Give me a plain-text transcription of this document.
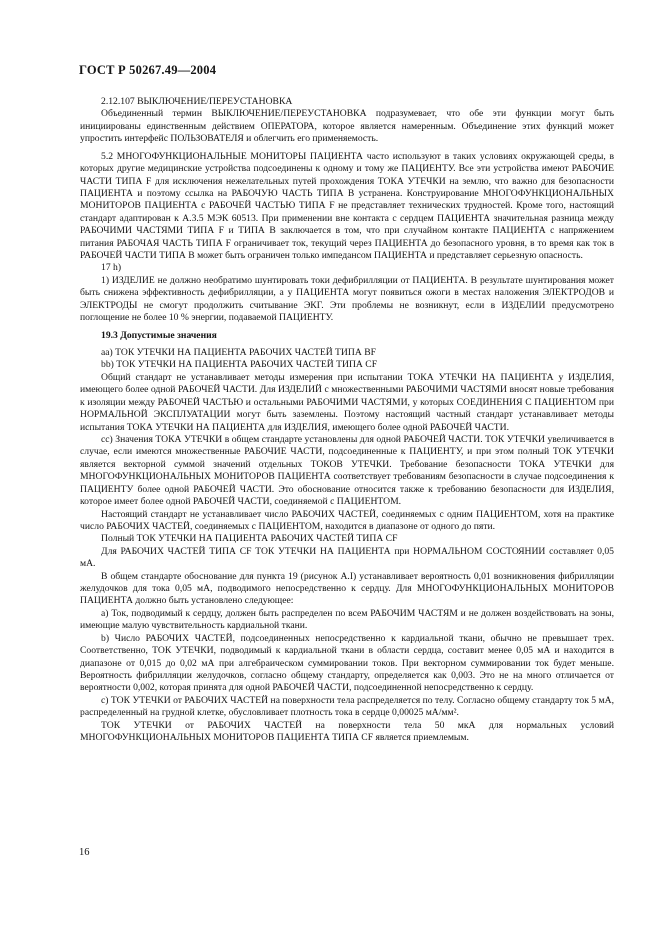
ГОСТ Р 50267.49—2004

2.12.107 ВЫКЛЮЧЕНИЕ/ПЕРЕУСТАНОВКА

Объединенный термин ВЫКЛЮЧЕНИЕ/ПЕРЕУСТАНОВКА подразумевает, что обе эти функции могут быть инициированы единственным действием ОПЕРАТОРА, которое является намеренным. Объединение этих функций может упростить интерфейс ПОЛЬЗОВАТЕЛЯ и облегчить его применяемость.

5.2 МНОГОФУНКЦИОНАЛЬНЫЕ МОНИТОРЫ ПАЦИЕНТА часто используют в таких условиях окружающей среды, в которых другие медицинские устройства подсоединены к одному и тому же ПАЦИЕНТУ. Все эти устройства имеют РАБОЧИЕ ЧАСТИ ТИПА F для исключения нежелательных путей прохождения ТОКА УТЕЧКИ на землю, что важно для безопасности ПАЦИЕНТА и поэтому ссылка на РАБОЧУЮ ЧАСТЬ ТИПА В устранена. Конструирование МНОГОФУНКЦИОНАЛЬНЫХ МОНИТОРОВ ПАЦИЕНТА с РАБОЧЕЙ ЧАСТЬЮ ТИПА F не представляет технических трудностей. Кроме того, настоящий стандарт адаптирован к А.3.5 МЭК 60513. При применении вне контакта с сердцем ПАЦИЕНТА значительная разница между РАБОЧИМИ ЧАСТЯМИ ТИПА F и ТИПА В заключается в том, что при случайном контакте ПАЦИЕНТА с напряжением питания РАБОЧАЯ ЧАСТЬ ТИПА F ограничивает ток, текущий через ПАЦИЕНТА до безопасного уровня, в то время как ток в РАБОЧЕЙ ЧАСТИ ТИПА В может быть ограничен только импедансом ПАЦИЕНТА и представляет серьезную опасность.

17 h)

1) ИЗДЕЛИЕ не должно необратимо шунтировать токи дефибрилляции от ПАЦИЕНТА. В результате шунтирования может быть снижена эффективность дефибрилляции, а у ПАЦИЕНТА могут появиться ожоги в местах наложения ЭЛЕКТРОДОВ и ЭЛЕКТРОДЫ не смогут продолжить считывание ЭКГ. Эти проблемы не возникнут, если в ИЗДЕЛИИ предусмотрено поглощение не более 10 % энергии, подаваемой ПАЦИЕНТУ.

19.3 Допустимые значения

аа) ТОК УТЕЧКИ НА ПАЦИЕНТА РАБОЧИХ ЧАСТЕЙ ТИПА BF

bb) ТОК УТЕЧКИ НА ПАЦИЕНТА РАБОЧИХ ЧАСТЕЙ ТИПА CF

Общий стандарт не устанавливает методы измерения при испытании ТОКА УТЕЧКИ НА ПАЦИЕНТА у ИЗДЕЛИЯ, имеющего более одной РАБОЧЕЙ ЧАСТИ. Для ИЗДЕЛИЙ с множественными РАБОЧИМИ ЧАСТЯМИ вносят новые требования к изоляции между РАБОЧЕЙ ЧАСТЬЮ и остальными РАБОЧИМИ ЧАСТЯМИ, у которых СОЕДИНЕНИЯ С ПАЦИЕНТОМ при НОРМАЛЬНОЙ ЭКСПЛУАТАЦИИ могут быть заземлены. Поэтому настоящий частный стандарт устанавливает методы испытания ТОКА УТЕЧКИ НА ПАЦИЕНТА для ИЗДЕЛИЯ, имеющего более одной РАБОЧЕЙ ЧАСТИ.

сс) Значения ТОКА УТЕЧКИ в общем стандарте установлены для одной РАБОЧЕЙ ЧАСТИ. ТОК УТЕЧКИ увеличивается в случае, если имеются множественные РАБОЧИЕ ЧАСТИ, подсоединенные к ПАЦИЕНТУ, и при этом полный ТОК УТЕЧКИ является векторной суммой значений отдельных ТОКОВ УТЕЧКИ. Требование безопасности ТОКА УТЕЧКИ для МНОГОФУНКЦИОНАЛЬНЫХ МОНИТОРОВ ПАЦИЕНТА соответствует требованиям безопасности в случае подсоединения к ПАЦИЕНТУ более одной РАБОЧЕЙ ЧАСТИ. Это обоснование относится также к требованию безопасности для ИЗДЕЛИЯ, которое имеет более одной РАБОЧЕЙ ЧАСТИ, соединяемой с ПАЦИЕНТОМ.

Настоящий стандарт не устанавливает число РАБОЧИХ ЧАСТЕЙ, соединяемых с одним ПАЦИЕНТОМ, хотя на практике число РАБОЧИХ ЧАСТЕЙ, соединяемых с ПАЦИЕНТОМ, находится в диапазоне от одного до пяти.

Полный ТОК УТЕЧКИ НА ПАЦИЕНТА РАБОЧИХ ЧАСТЕЙ ТИПА CF

Для РАБОЧИХ ЧАСТЕЙ ТИПА CF ТОК УТЕЧКИ НА ПАЦИЕНТА при НОРМАЛЬНОМ СОСТОЯНИИ составляет 0,05 мА.

В общем стандарте обоснование для пункта 19 (рисунок А.I) устанавливает вероятность 0,01 возникновения фибрилляции желудочков для тока 0,05 мА, подводимого непосредственно к сердцу. Для МНОГОФУНКЦИОНАЛЬНЫХ МОНИТОРОВ ПАЦИЕНТА должно быть установлено следующее:

а) Ток, подводимый к сердцу, должен быть распределен по всем РАБОЧИМ ЧАСТЯМ и не должен воздействовать на зоны, имеющие малую чувствительность кардиальной ткани.

b) Число РАБОЧИХ ЧАСТЕЙ, подсоединенных непосредственно к кардиальной ткани, обычно не превышает трех. Соответственно, ТОК УТЕЧКИ, подводимый к кардиальной ткани в области сердца, составит менее 0,05 мА и находится в диапазоне от 0,015 до 0,02 мА при алгебраическом суммировании токов. При векторном суммировании ток будет меньше. Вероятность фибрилляции желудочков, согласно общему стандарту, определяется как 0,003. Это не на много отличается от вероятности 0,002, которая принята для одной РАБОЧЕЙ ЧАСТИ, подсоединенной непосредственно к сердцу.

с) ТОК УТЕЧКИ от РАБОЧИХ ЧАСТЕЙ на поверхности тела распределяется по телу. Согласно общему стандарту ток 5 мА, распределенный на грудной клетке, обусловливает плотность тока в сердце 0,00025 мА/мм².

ТОК УТЕЧКИ от РАБОЧИХ ЧАСТЕЙ на поверхности тела 50 мкА для нормальных условий МНОГОФУНКЦИОНАЛЬНЫХ МОНИТОРОВ ПАЦИЕНТА ТИПА CF является приемлемым.

16
